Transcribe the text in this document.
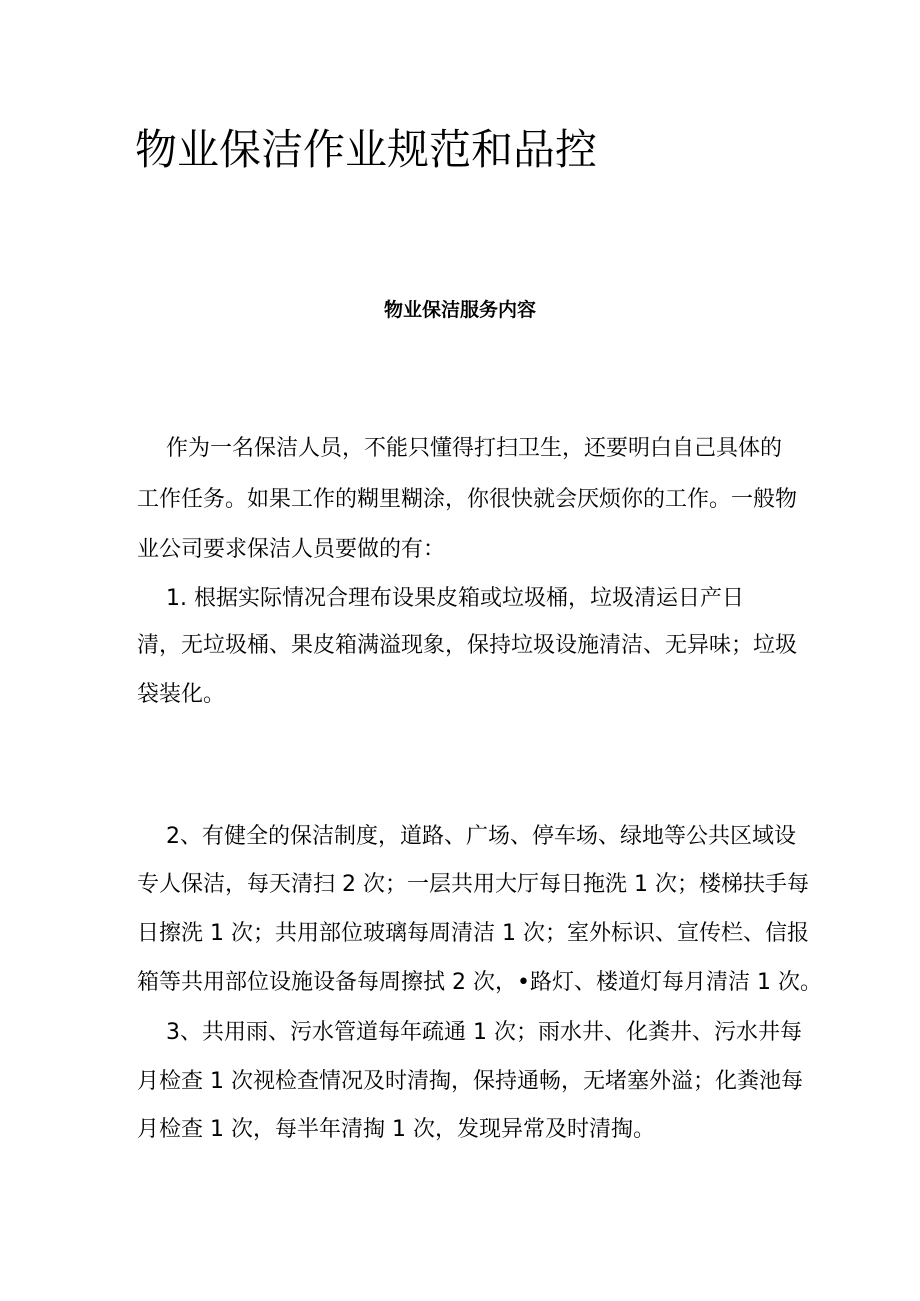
物业保洁作业规范和品控
物业保洁服务内容

作为一名保洁人员，不能只懂得打扫卫生，还要明白自己具体的

工作任务。如果工作的糊里糊涂，你很快就会厌烦你的工作。一般物

业公司要求保洁人员要做的有：

1. 根据实际情况合理布设果皮箱或垃圾桶，垃圾清运日产日

清，无垃圾桶、果皮箱满溢现象，保持垃圾设施清洁、无异味；垃圾

袋装化。

2、有健全的保洁制度，道路、广场、停车场、绿地等公共区域设

专人保洁，每天清扫 2 次；一层共用大厅每日拖洗 1 次；楼梯扶手每

日擦洗 1 次；共用部位玻璃每周清洁 1 次；室外标识、宣传栏、信报

箱等共用部位设施设备每周擦拭 2 次，•路灯、楼道灯每月清洁 1 次。

3、共用雨、污水管道每年疏通 1 次；雨水井、化粪井、污水井每

月检查 1 次视检查情况及时清掏，保持通畅，无堵塞外溢；化粪池每

月检查 1 次，每半年清掏 1 次，发现异常及时清掏。
